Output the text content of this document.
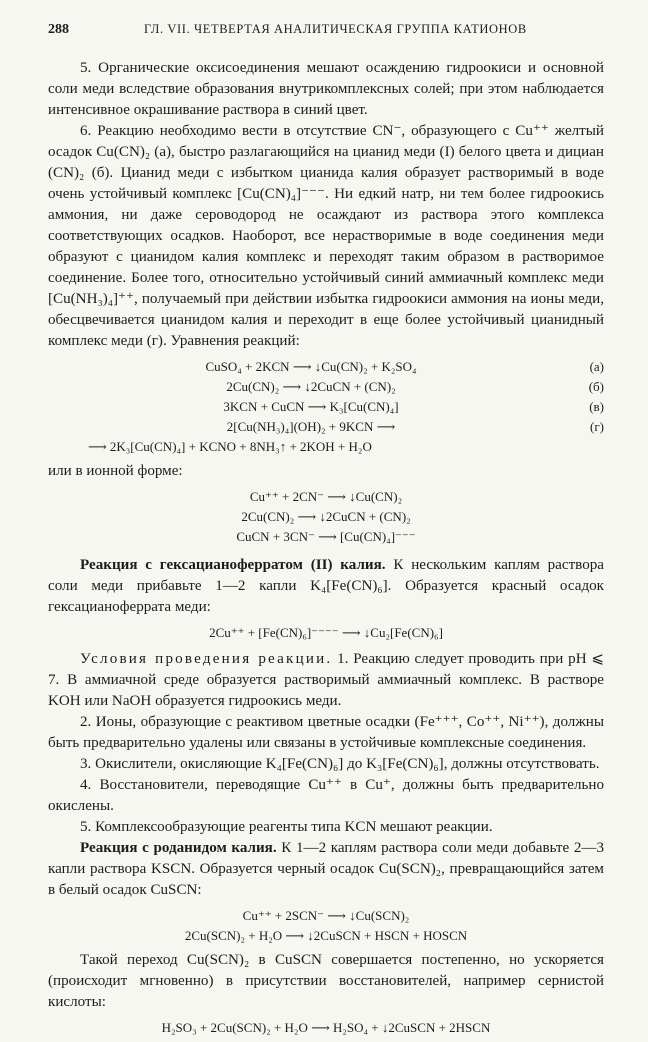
288	ГЛ. VII. ЧЕТВЕРТАЯ АНАЛИТИЧЕСКАЯ ГРУППА КАТИОНОВ

5. Органические оксисоединения мешают осаждению гидроокиси и основной соли меди вследствие образования внутрикомплексных солей; при этом наблюдается интенсивное окрашивание раствора в синий цвет.

6. Реакцию необходимо вести в отсутствие CN⁻, образующего с Cu⁺⁺ желтый осадок Cu(CN)₂ (а), быстро разлагающийся на цианид меди (I) белого цвета и дициан (CN)₂ (б). Цианид меди с избытком цианида калия образует растворимый в воде очень устойчивый комплекс [Cu(CN)₄]⁻⁻⁻. Ни едкий натр, ни тем более гидроокись аммония, ни даже сероводород не осаждают из раствора этого комплекса соответствующих осадков. Наоборот, все нерастворимые в воде соединения меди образуют с цианидом калия комплекс и переходят таким образом в растворимое соединение. Более того, относительно устойчивый синий аммиачный комплекс меди [Cu(NH₃)₄]⁺⁺, получаемый при действии избытка гидроокиси аммония на ионы меди, обесцвечивается цианидом калия и переходит в еще более устойчивый цианидный комплекс меди (г). Уравнения реакций:

CuSO₄ + 2KCN ⟶ ↓Cu(CN)₂ + K₂SO₄	(а)
2Cu(CN)₂ ⟶ ↓2CuCN + (CN)₂	(б)
3KCN + CuCN ⟶ K₃[Cu(CN)₄]	(в)
2[Cu(NH₃)₄](OH)₂ + 9KCN ⟶	(г)
⟶ 2K₃[Cu(CN)₄] + KCNO + 8NH₃↑ + 2KOH + H₂O

или в ионной форме:

Cu⁺⁺ + 2CN⁻ ⟶ ↓Cu(CN)₂
2Cu(CN)₂ ⟶ ↓2CuCN + (CN)₂
CuCN + 3CN⁻ ⟶ [Cu(CN)₄]⁻⁻⁻

Реакция с гексацианоферратом (II) калия. К нескольким каплям раствора соли меди прибавьте 1—2 капли K₄[Fe(CN)₆]. Образуется красный осадок гексацианоферрата меди:

2Cu⁺⁺ + [Fe(CN)₆]⁻⁻⁻⁻ ⟶ ↓Cu₂[Fe(CN)₆]

Условия проведения реакции. 1. Реакцию следует проводить при pH ⩽ 7. В аммиачной среде образуется растворимый аммиачный комплекс. В растворе KOH или NaOH образуется гидроокись меди.

2. Ионы, образующие с реактивом цветные осадки (Fe⁺⁺⁺, Co⁺⁺, Ni⁺⁺), должны быть предварительно удалены или связаны в устойчивые комплексные соединения.

3. Окислители, окисляющие K₄[Fe(CN)₆] до K₃[Fe(CN)₆], должны отсутствовать.

4. Восстановители, переводящие Cu⁺⁺ в Cu⁺, должны быть предварительно окислены.

5. Комплексообразующие реагенты типа KCN мешают реакции.

Реакция с роданидом калия. К 1—2 каплям раствора соли меди добавьте 2—3 капли раствора KSCN. Образуется черный осадок Cu(SCN)₂, превращающийся затем в белый осадок CuSCN:

Cu⁺⁺ + 2SCN⁻ ⟶ ↓Cu(SCN)₂
2Cu(SCN)₂ + H₂O ⟶ ↓2CuSCN + HSCN + HOSCN

Такой переход Cu(SCN)₂ в CuSCN совершается постепенно, но ускоряется (происходит мгновенно) в присутствии восстановителей, например сернистой кислоты:

H₂SO₃ + 2Cu(SCN)₂ + H₂O ⟶ H₂SO₄ + ↓2CuSCN + 2HSCN
